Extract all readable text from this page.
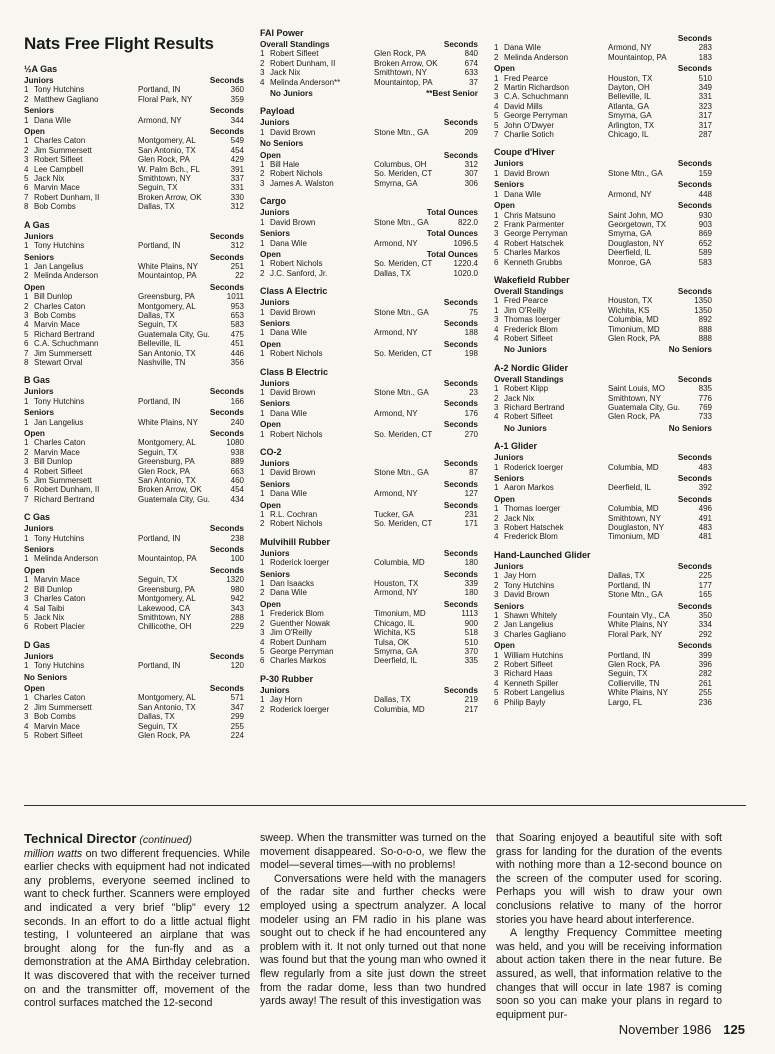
Nats Free Flight Results
½A Gas
Juniors	Seconds
1 Tony Hutchins	Portland, IN	360
2 Matthew Gagliano	Floral Park, NY	359
Seniors	Seconds
1 Dana Wile	Armond, NY	344
Open	Seconds
1 Charles Caton	Montgomery, AL	549
2 Jim Summersett	San Antonio, TX	454
3 Robert Sifleet	Glen Rock, PA	429
4 Lee Campbell	W. Palm Bch., FL	391
5 Jack Nix	Smithtown, NY	337
6 Marvin Mace	Seguin, TX	331
7 Robert Dunham, II	Broken Arrow, OK	330
8 Bob Combs	Dallas, TX	312
A Gas
Juniors	Seconds
1 Tony Hutchins	Portland, IN	312
Seniors	Seconds
1 Jan Langelius	White Plains, NY	251
2 Melinda Anderson	Mountaintop, PA	22
Open	Seconds
1 Bill Dunlop	Greensburg, PA	1011
2 Charles Caton	Montgomery, AL	953
3 Bob Combs	Dallas, TX	653
4 Marvin Mace	Seguin, TX	583
5 Richard Bertrand	Guatemala City, Gu.	475
6 C.A. Schuchmann	Belleville, IL	451
7 Jim Summersett	San Antonio, TX	446
8 Stewart Orval	Nashville, TN	356
B Gas
Juniors	Seconds
1 Tony Hutchins	Portland, IN	166
Seniors	Seconds
1 Jan Langelius	White Plains, NY	240
Open	Seconds
1 Charles Caton	Montgomery, AL	1080
2 Marvin Mace	Seguin, TX	938
3 Bill Dunlop	Greensburg, PA	889
4 Robert Sifleet	Glen Rock, PA	663
5 Jim Summersett	San Antonio, TX	460
6 Robert Dunham, II	Broken Arrow, OK	454
7 Richard Bertrand	Guatemala City, Gu.	434
C Gas
Juniors	Seconds
1 Tony Hutchins	Portland, IN	238
Seniors	Seconds
1 Melinda Anderson	Mountaintop, PA	100
Open	Seconds
1 Marvin Mace	Seguin, TX	1320
2 Bill Dunlop	Greensburg, PA	980
3 Charles Caton	Montgomery, AL	942
4 Sal Taibi	Lakewood, CA	343
5 Jack Nix	Smithtown, NY	288
6 Robert Placier	Chillicothe, OH	229
D Gas
Juniors	Seconds
1 Tony Hutchins	Portland, IN	120
No Seniors
Open	Seconds
1 Charles Caton	Montgomery, AL	571
2 Jim Summersett	San Antonio, TX	347
3 Bob Combs	Dallas, TX	299
4 Marvin Mace	Seguin, TX	255
5 Robert Sifleet	Glen Rock, PA	224
FAI Power
Overall Standings	Seconds
1 Robert Sifleet	Glen Rock, PA	840
2 Robert Dunham, II	Broken Arrow, OK	674
3 Jack Nix	Smithtown, NY	633
4 Melinda Anderson**	Mountaintop, PA	37
No Juniors	**Best Senior
Payload
Juniors	Seconds
1 David Brown	Stone Mtn., GA	209
No Seniors
Open	Seconds
1 Bill Hale	Columbus, OH	312
2 Robert Nichols	So. Meriden, CT	307
3 James A. Walston	Smyrna, GA	306
Cargo
Juniors	Total Ounces
1 David Brown	Stone Mtn., GA	822.0
Seniors	Total Ounces
1 Dana Wile	Armond, NY	1096.5
Open	Total Ounces
1 Robert Nichols	So. Meriden, CT	1220.4
2 J.C. Sanford, Jr.	Dallas, TX	1020.0
Class A Electric
Juniors	Seconds
1 David Brown	Stone Mtn., GA	75
Seniors	Seconds
1 Dana Wile	Armond, NY	188
Open	Seconds
1 Robert Nichols	So. Meriden, CT	198
Class B Electric
Juniors	Seconds
1 David Brown	Stone Mtn., GA	23
Seniors	Seconds
1 Dana Wile	Armond, NY	176
Open	Seconds
1 Robert Nichols	So. Meriden, CT	270
CO-2
Juniors	Seconds
1 David Brown	Stone Mtn., GA	87
Seniors	Seconds
1 Dana Wile	Armond, NY	127
Open	Seconds
1 R.L. Cochran	Tucker, GA	231
2 Robert Nichols	So. Meriden, CT	171
Mulvihill Rubber
Juniors	Seconds
1 Roderick Ioerger	Columbia, MD	180
Seniors	Seconds
1 Dan Isaacks	Houston, TX	339
2 Dana Wile	Armond, NY	180
Open	Seconds
1 Frederick Blom	Timonium, MD	1113
2 Guenther Nowak	Chicago, IL	900
3 Jim O'Reilly	Wichita, KS	518
4 Robert Dunham	Tulsa, OK	510
5 George Perryman	Smyrna, GA	370
6 Charles Markos	Deerfield, IL	335
P-30 Rubber
Juniors	Seconds
1 Jay Horn	Dallas, TX	219
2 Roderick Ioerger	Columbia, MD	217
Seconds
1 Dana Wile	Armond, NY	283
2 Melinda Anderson	Mountaintop, PA	183
Open	Seconds
1 Fred Pearce	Houston, TX	510
2 Martin Richardson	Dayton, OH	349
3 C.A. Schuchmann	Belleville, IL	331
4 David Mills	Atlanta, GA	323
5 George Perryman	Smyrna, GA	317
5 John O'Dwyer	Arlington, TX	317
7 Charlie Sotich	Chicago, IL	287
Coupe d'Hiver
Juniors	Seconds
1 David Brown	Stone Mtn., GA	159
Seniors	Seconds
1 Dana Wile	Armond, NY	448
Open	Seconds
1 Chris Matsuno	Saint John, MO	930
2 Frank Parmenter	Georgetown, TX	903
3 George Perryman	Smyrna, GA	869
4 Robert Hatschek	Douglaston, NY	652
5 Charles Markos	Deerfield, IL	589
6 Kenneth Grubbs	Monroe, GA	583
Wakefield Rubber
Overall Standings	Seconds
1 Fred Pearce	Houston, TX	1350
1 Jim O'Reilly	Wichita, KS	1350
3 Thomas Ioerger	Columbia, MD	892
4 Frederick Blom	Timonium, MD	888
4 Robert Sifleet	Glen Rock, PA	888
No Juniors	No Seniors
A-2 Nordic Glider
Overall Standings	Seconds
1 Robert Klipp	Saint Louis, MO	835
2 Jack Nix	Smithtown, NY	776
3 Richard Bertrand	Guatemala City, Gu.	769
4 Robert Sifleet	Glen Rock, PA	733
No Juniors	No Seniors
A-1 Glider
Juniors	Seconds
1 Roderick Ioerger	Columbia, MD	483
Seniors	Seconds
1 Aaron Markos	Deerfield, IL	392
Open	Seconds
1 Thomas Ioerger	Columbia, MD	496
2 Jack Nix	Smithtown, NY	491
3 Robert Hatschek	Douglaston, NY	483
4 Frederick Blom	Timonium, MD	481
Hand-Launched Glider
Juniors	Seconds
1 Jay Horn	Dallas, TX	225
2 Tony Hutchins	Portland, IN	177
3 David Brown	Stone Mtn., GA	165
Seniors	Seconds
1 Shawn Whitely	Fountain Vly., CA	350
2 Jan Langelius	White Plains, NY	334
3 Charles Gagliano	Floral Park, NY	292
Open	Seconds
1 William Hutchins	Portland, IN	399
2 Robert Sifleet	Glen Rock, PA	396
3 Richard Haas	Seguin, TX	282
4 Kenneth Spiller	Collierville, TN	261
5 Robert Langelius	White Plains, NY	255
6 Philip Bayly	Largo, FL	236
Technical Director (continued)

million watts on two different frequencies. While earlier checks with equipment had not indicated any problems, everyone seemed inclined to want to check further. Scanners were employed and indicated a very brief "blip" every 12 seconds. In an effort to do a little actual flight testing, I volunteered an airplane that was brought along for the fun-fly and as a demonstration at the AMA Birthday celebration. It was discovered that with the receiver turned on and the transmitter off, movement of the control surfaces matched the 12-second

sweep. When the transmitter was turned on the movement disappeared. So-o-o-o, we flew the model—several times—with no problems!

Conversations were held with the managers of the radar site and further checks were employed using a spectrum analyzer. A local modeler using an FM radio in his plane was sought out to check if he had encountered any problem with it. It not only turned out that none was found but that the young man who owned it flew regularly from a site just down the street from the radar dome, less than two hundred yards away! The result of this investigation was

that Soaring enjoyed a beautiful site with soft grass for landing for the duration of the events with nothing more than a 12-second bounce on the screen of the computer used for scoring. Perhaps you will wish to draw your own conclusions relative to many of the horror stories you have heard about interference.

A lengthy Frequency Committee meeting was held, and you will be receiving information about action taken there in the near future. Be assured, as well, that information relative to the changes that will occur in late 1987 is coming soon so you can make your plans in regard to equipment pur-

November 1986 125
